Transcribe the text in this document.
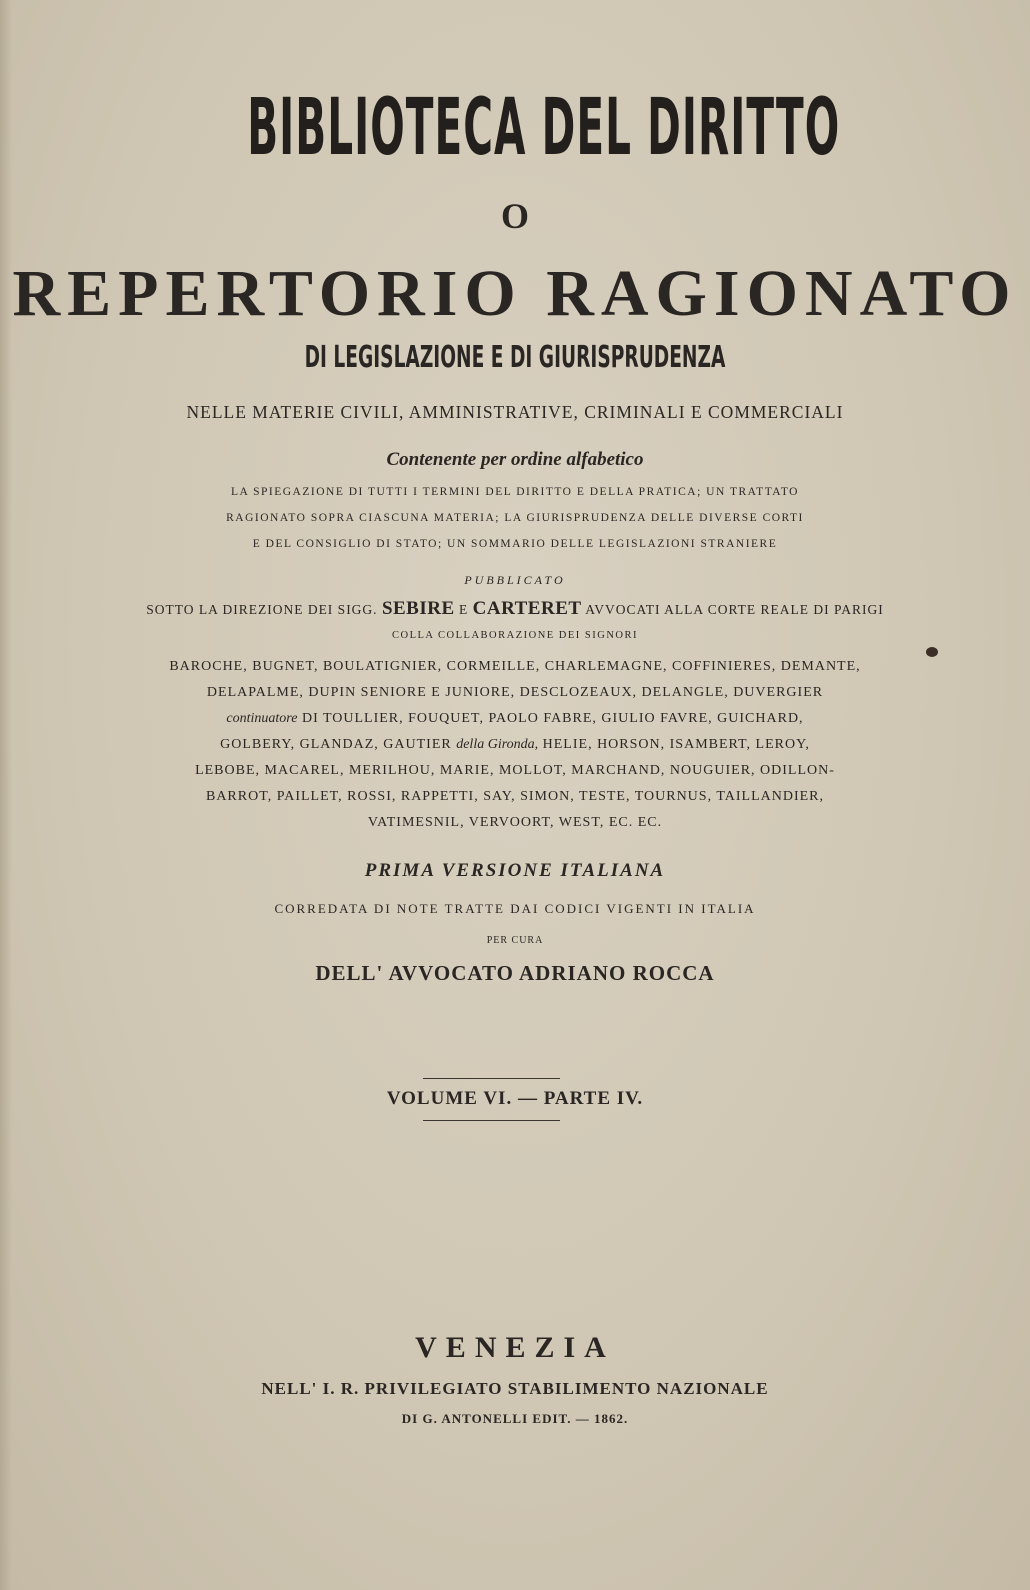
BIBLIOTECA DEL DIRITTO
O
REPERTORIO RAGIONATO
DI LEGISLAZIONE E DI GIURISPRUDENZA
NELLE MATERIE CIVILI, AMMINISTRATIVE, CRIMINALI E COMMERCIALI
Contenente per ordine alfabetico
LA SPIEGAZIONE DI TUTTI I TERMINI DEL DIRITTO E DELLA PRATICA; UN TRATTATO
RAGIONATO SOPRA CIASCUNA MATERIA; LA GIURISPRUDENZA DELLE DIVERSE CORTI
E DEL CONSIGLIO DI STATO; UN SOMMARIO DELLE LEGISLAZIONI STRANIERE
PUBBLICATO
SOTTO LA DIREZIONE DEI SIGG. SEBIRE E CARTERET AVVOCATI ALLA CORTE REALE DI PARIGI
COLLA COLLABORAZIONE DEI SIGNORI
BAROCHE, BUGNET, BOULATIGNIER, CORMEILLE, CHARLEMAGNE, COFFINIERES, DEMANTE,
DELAPALME, DUPIN SENIORE E JUNIORE, DESCLOZEAUX, DELANGLE, DUVERGIER
continuatore DI TOULLIER, FOUQUET, PAOLO FABRE, GIULIO FAVRE, GUICHARD,
GOLBERY, GLANDAZ, GAUTIER della Gironda, HELIE, HORSON, ISAMBERT, LEROY,
LEBOBE, MACAREL, MERILHOU, MARIE, MOLLOT, MARCHAND, NOUGUIER, ODILLON-
BARROT, PAILLET, ROSSI, RAPPETTI, SAY, SIMON, TESTE, TOURNUS, TAILLANDIER,
VATIMESNIL, VERVOORT, WEST, EC. EC.
PRIMA VERSIONE ITALIANA
CORREDATA DI NOTE TRATTE DAI CODICI VIGENTI IN ITALIA
PER CURA
DELL' AVVOCATO ADRIANO ROCCA
VOLUME VI. — PARTE IV.
VENEZIA
NELL' I. R. PRIVILEGIATO STABILIMENTO NAZIONALE
DI G. ANTONELLI EDIT. — 1862.
